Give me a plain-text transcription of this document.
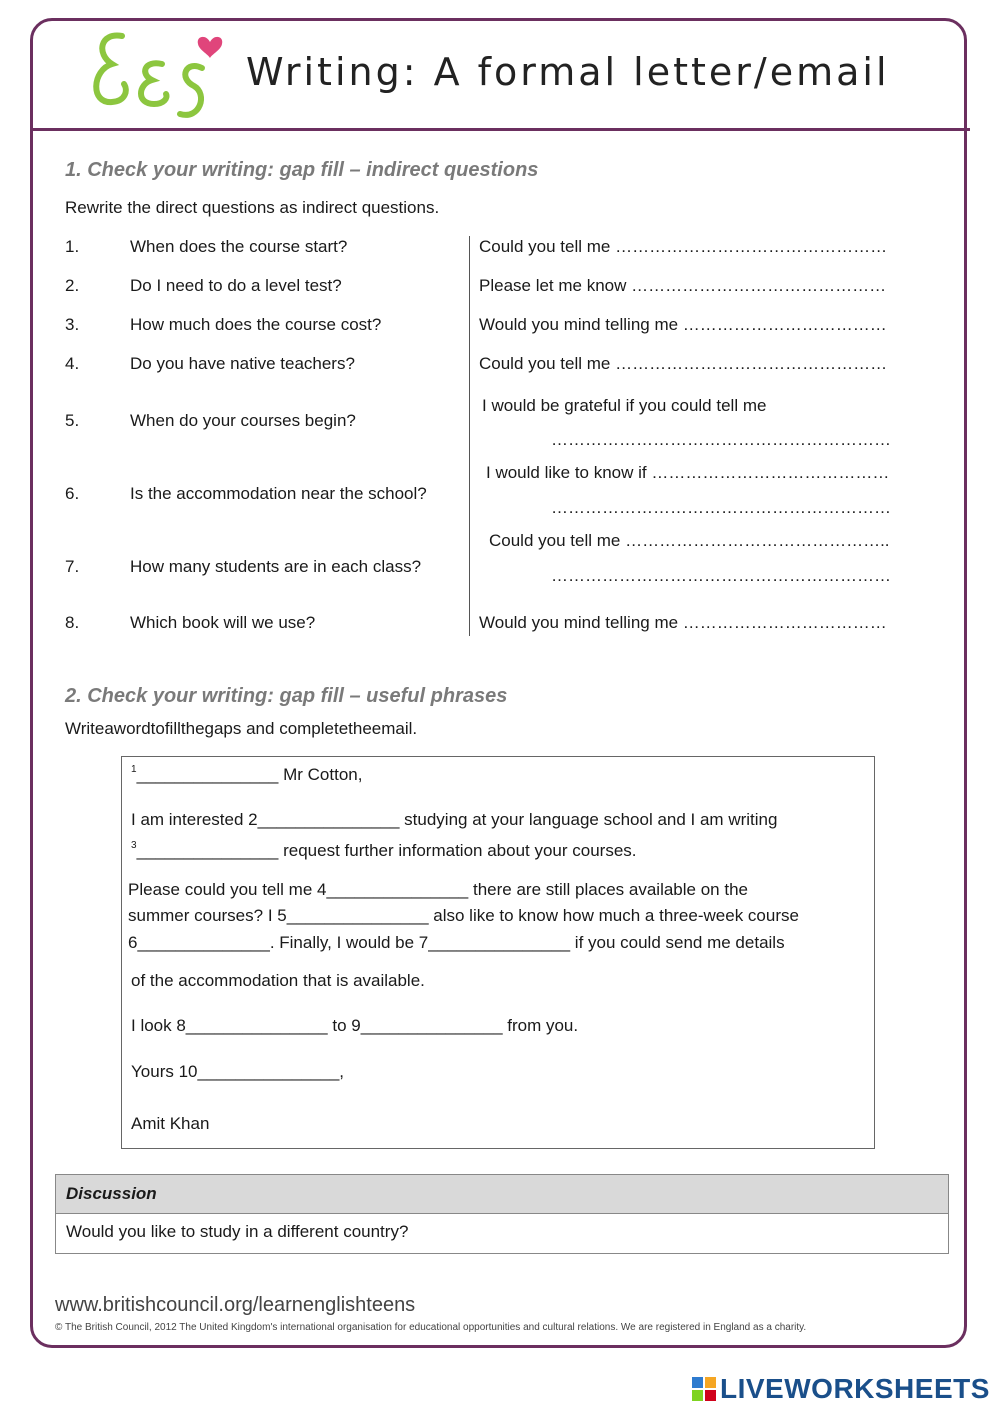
Writing: A formal letter/email
1. Check your writing: gap fill – indirect questions
Rewrite the direct questions as indirect questions.
1.	When does the course start?	Could you tell me …………………………………………
2.	Do I need to do a level test?	Please let me know ………………………………………
3.	How much does the course cost?	Would you mind telling me ………………………………
4.	Do you have native teachers?	Could you tell me …………………………………………
5.	When do your courses begin?
I would be grateful if you could tell me
……………………………………………………
6.	Is the accommodation near the school?
I would like to know if ……………………………………
……………………………………………………
7.	How many students are in each class?
Could you tell me ………………………………………..
……………………………………………………
8.	Which book will we use?	Would you mind telling me ………………………………
2. Check your writing: gap fill – useful phrases
Writeawordtofillthegaps and completetheemail.
$^1$_______________ Mr Cotton,
I am interested 2_______________ studying at your language school and I am writing
$^3$_______________ request further information about your courses.
Please could you tell me 4_______________ there are still places available on the
summer courses? I 5_______________ also like to know how much a three-week course
6______________. Finally, I would be 7_______________ if you could send me details
of the accommodation that is available.
I look 8_______________ to 9_______________ from you.
Yours 10_______________,
Amit Khan
Discussion
Would you like to study in a different country?
www.britishcouncil.org/learnenglishteens
© The British Council, 2012 The United Kingdom's international organisation for educational opportunities and cultural relations. We are registered in England as a charity.
LIVEWORKSHEETS
